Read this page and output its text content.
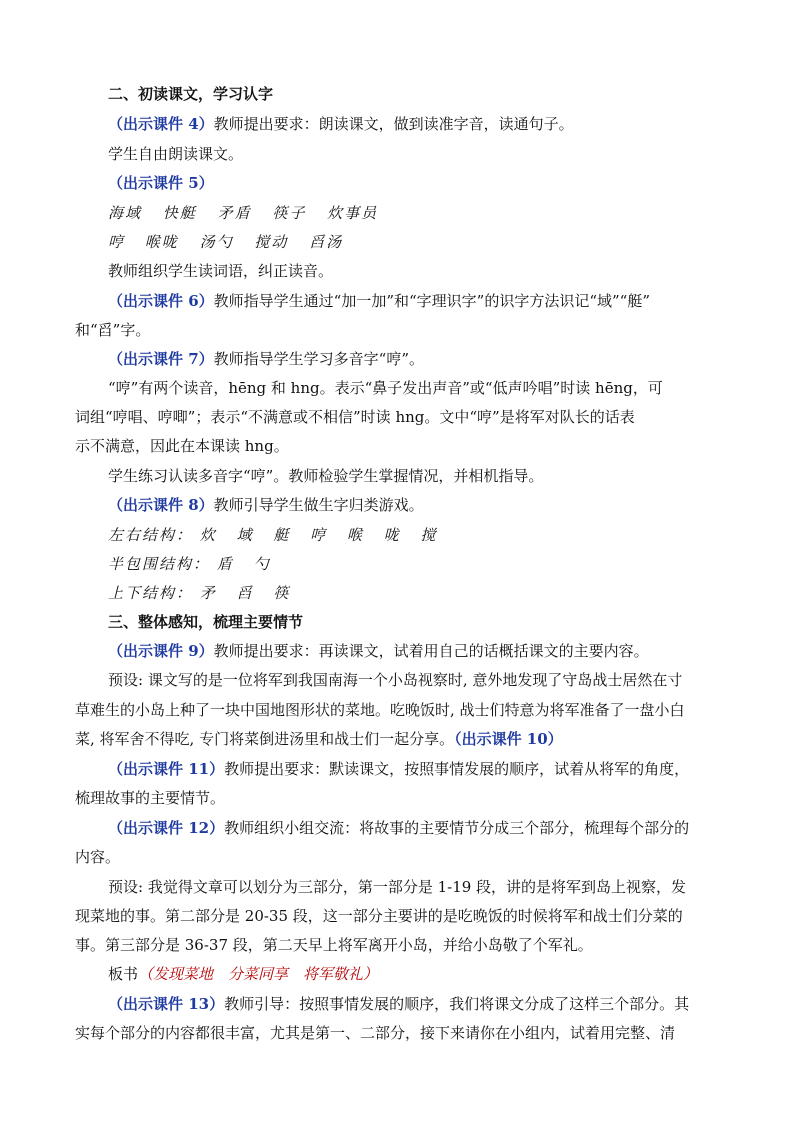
二、初读课文，学习认字
（出示课件 4）教师提出要求：朗读课文，做到读准字音，读通句子。
学生自由朗读课文。
（出示课件 5）
海域 快艇 矛盾 筷子 炊事员
哼 喉咙 汤勺 搅动 舀汤
教师组织学生读词语，纠正读音。
（出示课件 6）教师指导学生通过“加一加”和“字理识字”的识字方法识记“域”“艇”
和“舀”字。
（出示课件 7）教师指导学生学习多音字“哼”。
“哼”有两个读音，hēng 和 hng。表示“鼻子发出声音”或“低声吟唱”时读 hēng，可
词组“哼唱、哼唧”；表示“不满意或不相信”时读 hng。文中“哼”是将军对队长的话表
示不满意，因此在本课读 hng。
学生练习认读多音字“哼”。教师检验学生掌握情况，并相机指导。
（出示课件 8）教师引导学生做生字归类游戏。
左右结构： 炊 域 艇 哼 喉 咙 搅
半包围结构： 盾 勺
上下结构： 矛 舀 筷
三、整体感知，梳理主要情节
（出示课件 9）教师提出要求：再读课文，试着用自己的话概括课文的主要内容。
预设: 课文写的是一位将军到我国南海一个小岛视察时, 意外地发现了守岛战士居然在寸
草难生的小岛上种了一块中国地图形状的菜地。吃晚饭时, 战士们特意为将军准备了一盘小白
菜, 将军舍不得吃, 专门将菜倒进汤里和战士们一起分享。（出示课件 10）
（出示课件 11）教师提出要求：默读课文，按照事情发展的顺序，试着从将军的角度，
梳理故事的主要情节。
（出示课件 12）教师组织小组交流：将故事的主要情节分成三个部分，梳理每个部分的
内容。
预设: 我觉得文章可以划分为三部分，第一部分是 1-19 段，讲的是将军到岛上视察，发
现菜地的事。第二部分是 20-35 段，这一部分主要讲的是吃晚饭的时候将军和战士们分菜的
事。第三部分是 36-37 段，第二天早上将军离开小岛，并给小岛敬了个军礼。
板书（发现菜地　分菜同享　将军敬礼）
（出示课件 13）教师引导：按照事情发展的顺序，我们将课文分成了这样三个部分。其
实每个部分的内容都很丰富，尤其是第一、二部分，接下来请你在小组内，试着用完整、清
